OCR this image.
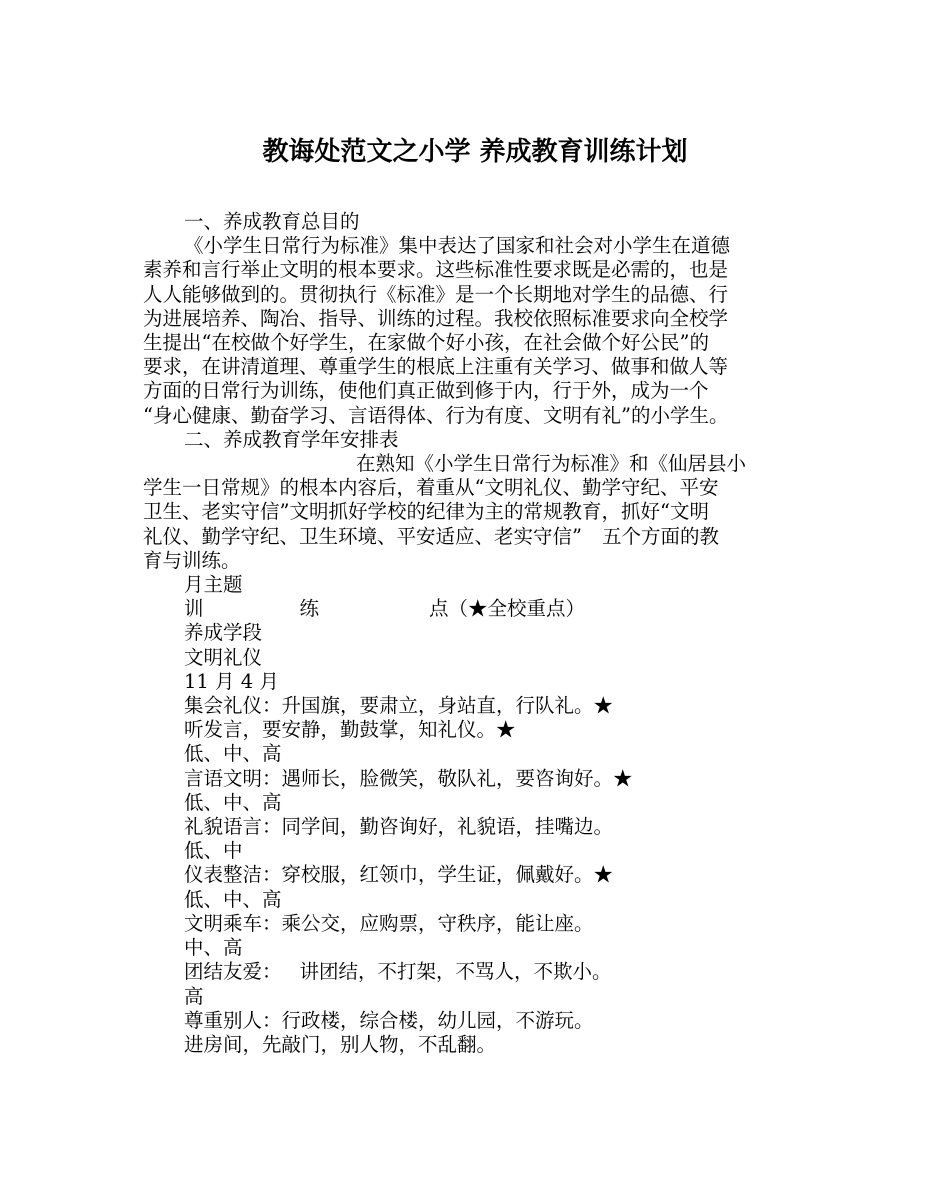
教诲处范文之小学 养成教育训练计划
一、养成教育总目的
《小学生日常行为标准》集中表达了国家和社会对小学生在道德
素养和言行举止文明的根本要求。这些标准性要求既是必需的，也是
人人能够做到的。贯彻执行《标准》是一个长期地对学生的品德、行
为进展培养、陶冶、指导、训练的过程。我校依照标准要求向全校学
生提出“在校做个好学生，在家做个好小孩，在社会做个好公民”的
要求，在讲清道理、尊重学生的根底上注重有关学习、做事和做人等
方面的日常行为训练，使他们真正做到修于内，行于外，成为一个
“身心健康、勤奋学习、言语得体、行为有度、文明有礼”的小学生。
二、养成教育学年安排表
在熟知《小学生日常行为标准》和《仙居县小
学生一日常规》的根本内容后，着重从“文明礼仪、勤学守纪、平安
卫生、老实守信”文明抓好学校的纪律为主的常规教育，抓好“文明
礼仪、勤学守纪、卫生环境、平安适应、老实守信” 五个方面的教
育与训练。
月主题
训	练	点（★全校重点）
养成学段
文明礼仪
11 月 4 月
集会礼仪：升国旗，要肃立，身站直，行队礼。★
听发言，要安静，勤鼓掌，知礼仪。★
低、中、高
言语文明：遇师长，脸微笑，敬队礼，要咨询好。★
低、中、高
礼貌语言：同学间，勤咨询好，礼貌语，挂嘴边。
低、中
仪表整洁：穿校服，红领巾，学生证，佩戴好。★
低、中、高
文明乘车：乘公交，应购票，守秩序，能让座。
中、高
团结友爱： 讲团结，不打架，不骂人，不欺小。
高
尊重别人：行政楼，综合楼，幼儿园，不游玩。
进房间，先敲门，别人物，不乱翻。
